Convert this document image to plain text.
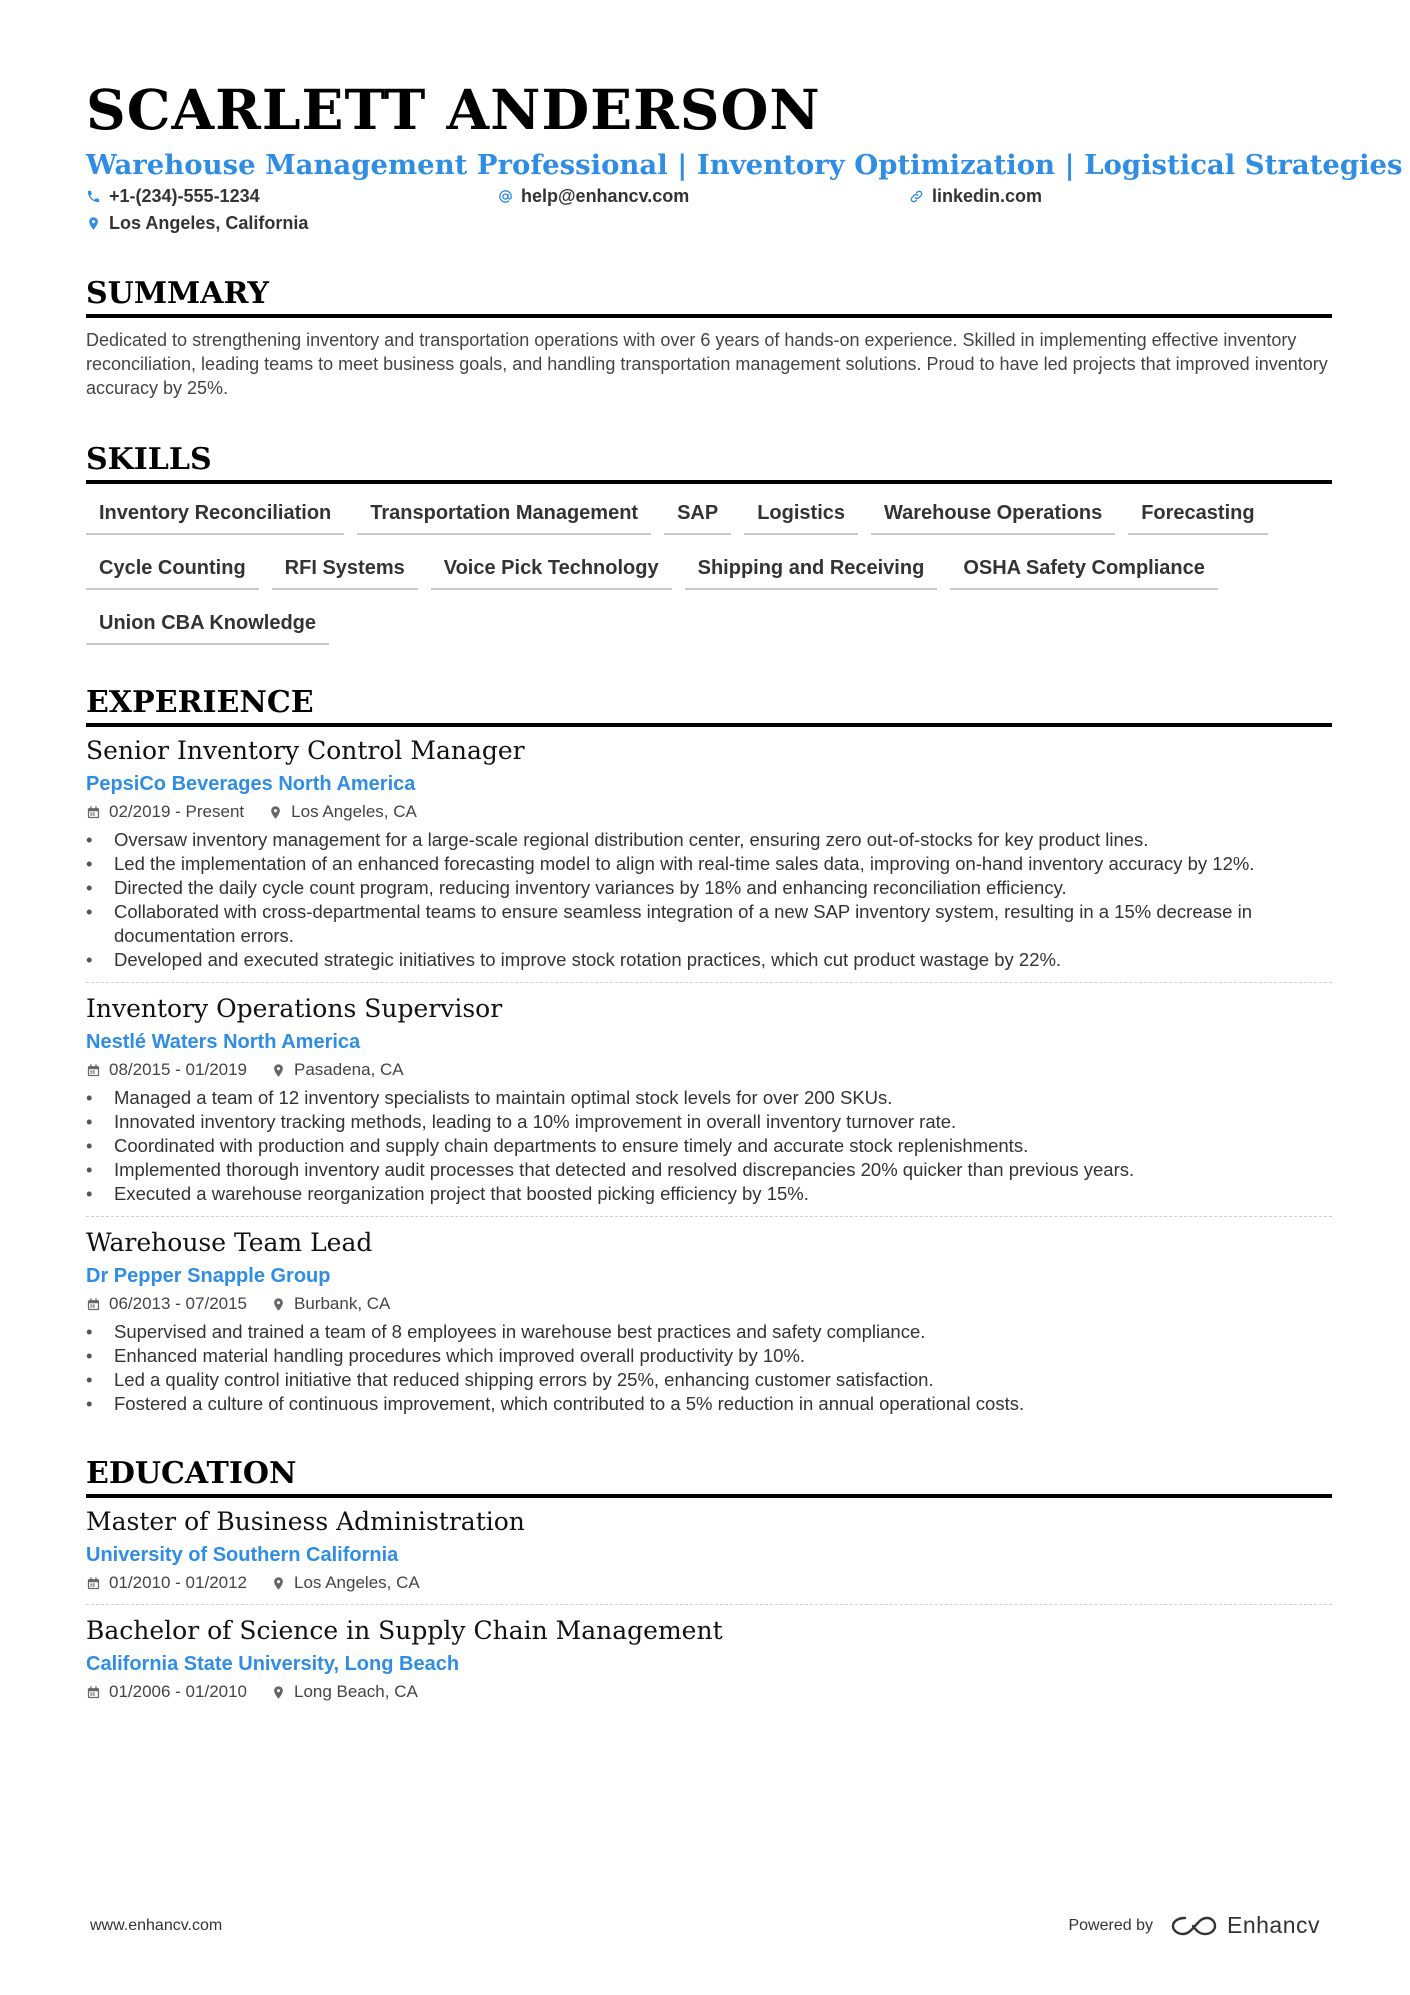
SCARLETT ANDERSON
Warehouse Management Professional | Inventory Optimization | Logistical Strategies
+1-(234)-555-1234	help@enhancv.com	linkedin.com
Los Angeles, California
SUMMARY

Dedicated to strengthening inventory and transportation operations with over 6 years of hands-on experience. Skilled in implementing effective inventory reconciliation, leading teams to meet business goals, and handling transportation management solutions. Proud to have led projects that improved inventory accuracy by 25%.

SKILLS
Inventory Reconciliation	Transportation Management	SAP	Logistics	Warehouse Operations	Forecasting
Cycle Counting	RFI Systems	Voice Pick Technology	Shipping and Receiving	OSHA Safety Compliance
Union CBA Knowledge
EXPERIENCE
Senior Inventory Control Manager
PepsiCo Beverages North America
02/2019 - Present	Los Angeles, CA
• Oversaw inventory management for a large-scale regional distribution center, ensuring zero out-of-stocks for key product lines.
• Led the implementation of an enhanced forecasting model to align with real-time sales data, improving on-hand inventory accuracy by 12%.
• Directed the daily cycle count program, reducing inventory variances by 18% and enhancing reconciliation efficiency.
• Collaborated with cross-departmental teams to ensure seamless integration of a new SAP inventory system, resulting in a 15% decrease in documentation errors.
• Developed and executed strategic initiatives to improve stock rotation practices, which cut product wastage by 22%.
Inventory Operations Supervisor
Nestlé Waters North America
08/2015 - 01/2019	Pasadena, CA
• Managed a team of 12 inventory specialists to maintain optimal stock levels for over 200 SKUs.
• Innovated inventory tracking methods, leading to a 10% improvement in overall inventory turnover rate.
• Coordinated with production and supply chain departments to ensure timely and accurate stock replenishments.
• Implemented thorough inventory audit processes that detected and resolved discrepancies 20% quicker than previous years.
• Executed a warehouse reorganization project that boosted picking efficiency by 15%.
Warehouse Team Lead
Dr Pepper Snapple Group
06/2013 - 07/2015	Burbank, CA
• Supervised and trained a team of 8 employees in warehouse best practices and safety compliance.
• Enhanced material handling procedures which improved overall productivity by 10%.
• Led a quality control initiative that reduced shipping errors by 25%, enhancing customer satisfaction.
• Fostered a culture of continuous improvement, which contributed to a 5% reduction in annual operational costs.
EDUCATION
Master of Business Administration
University of Southern California
01/2010 - 01/2012	Los Angeles, CA
Bachelor of Science in Supply Chain Management
California State University, Long Beach
01/2006 - 01/2010	Long Beach, CA
www.enhancv.com	Powered by	Enhancv
